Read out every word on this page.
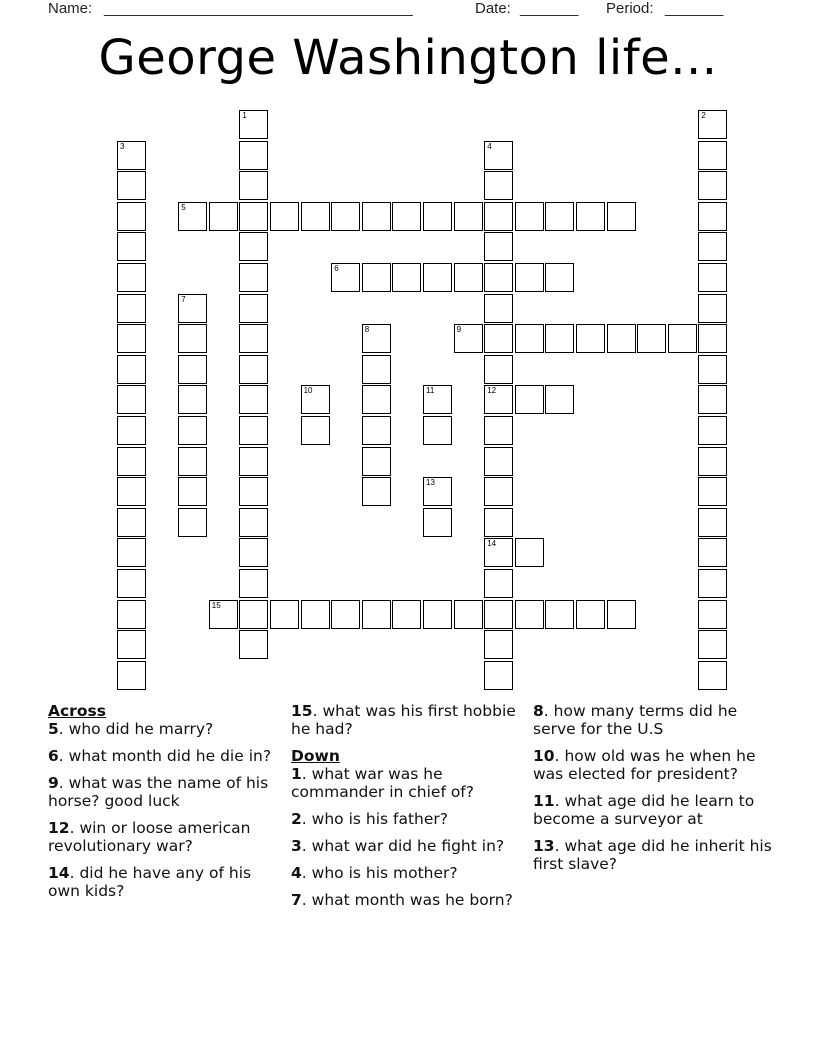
Name: _____________________________________	Date: _______ Period: _______
George Washington life...
1	2
3	4
12
14
5
6
7
8	9
10	11
13
15
Across
5. who did he marry?
6. what month did he die in?
9. what was the name of his horse? good luck
12. win or loose american revolutionary war?
14. did he have any of his own kids?
15. what was his first hobbie he had?
Down
1. what war was he commander in chief of?
2. who is his father?
3. what war did he fight in?
4. who is his mother?
7. what month was he born?
8. how many terms did he serve for the U.S
10. how old was he when he was elected for president?
11. what age did he learn to become a surveyor at
13. what age did he inherit his first slave?
